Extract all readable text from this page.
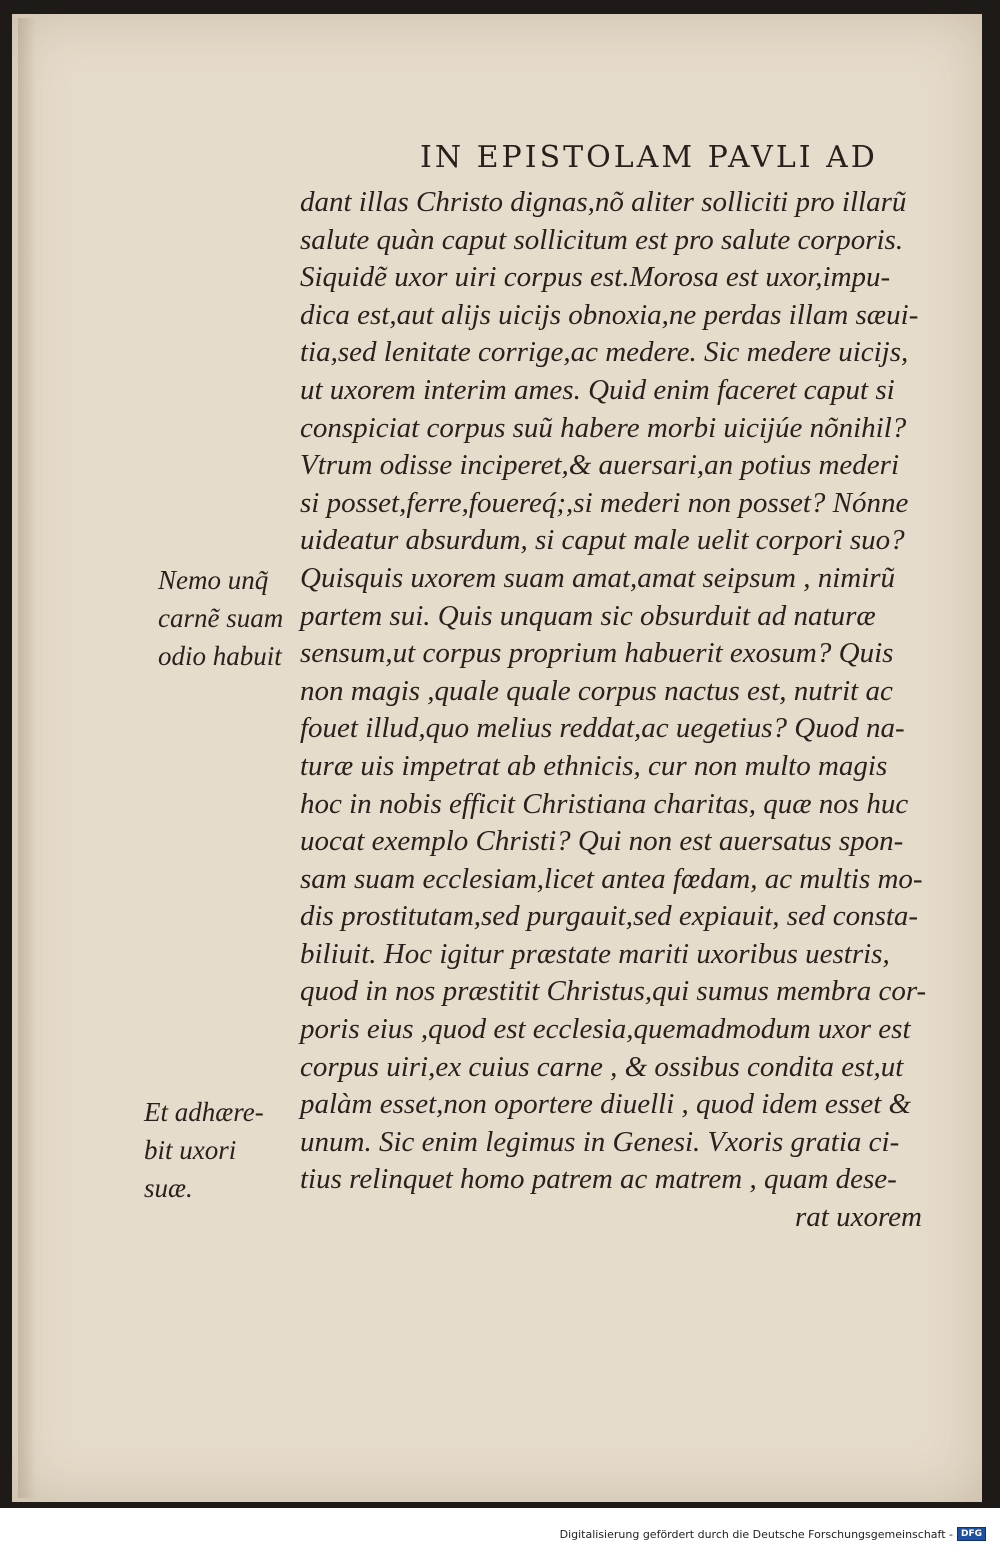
IN EPISTOLAM PAVLI AD
dant illas Christo dignas,nõ aliter solliciti pro illarũ
salute quàn caput sollicitum est pro salute corporis.
Siquidẽ uxor uiri corpus est.Morosa est uxor,impu-
dica est,aut alijs uicijs obnoxia,ne perdas illam sæui-
tia,sed lenitate corrige,ac medere. Sic medere uicijs,
ut uxorem interim ames. Quid enim faceret caput si
conspiciat corpus suũ habere morbi uicijúe nõnihil?
Vtrum odisse inciperet,& auersari,an potius mederi
si posset,ferre,fouereq́;,si mederi non posset? Nónne
uideatur absurdum, si caput male uelit corpori suo?
Quisquis uxorem suam amat,amat seipsum , nimirũ
partem sui. Quis unquam sic obsurduit ad naturæ
sensum,ut corpus proprium habuerit exosum? Quis
non magis ,quale quale corpus nactus est, nutrit ac
fouet illud,quo melius reddat,ac uegetius? Quod na-
turæ uis impetrat ab ethnicis, cur non multo magis
hoc in nobis efficit Christiana charitas, quæ nos huc
uocat exemplo Christi? Qui non est auersatus spon-
sam suam ecclesiam,licet antea fœdam, ac multis mo-
dis prostitutam,sed purgauit,sed expiauit, sed consta-
biliuit. Hoc igitur præstate mariti uxoribus uestris,
quod in nos præstitit Christus,qui sumus membra cor-
poris eius ,quod est ecclesia,quemadmodum uxor est
corpus uiri,ex cuius carne , & ossibus condita est,ut
palàm esset,non oportere diuelli , quod idem esset &
unum. Sic enim legimus in Genesi. Vxoris gratia ci-
tius relinquet homo patrem ac matrem , quam dese-
rat uxorem
Nemo unq̃
carnẽ suam
odio habuit
Et adhære-
bit uxori
suæ.
Digitalisierung gefördert durch die Deutsche Forschungsgemeinschaft - DFG
